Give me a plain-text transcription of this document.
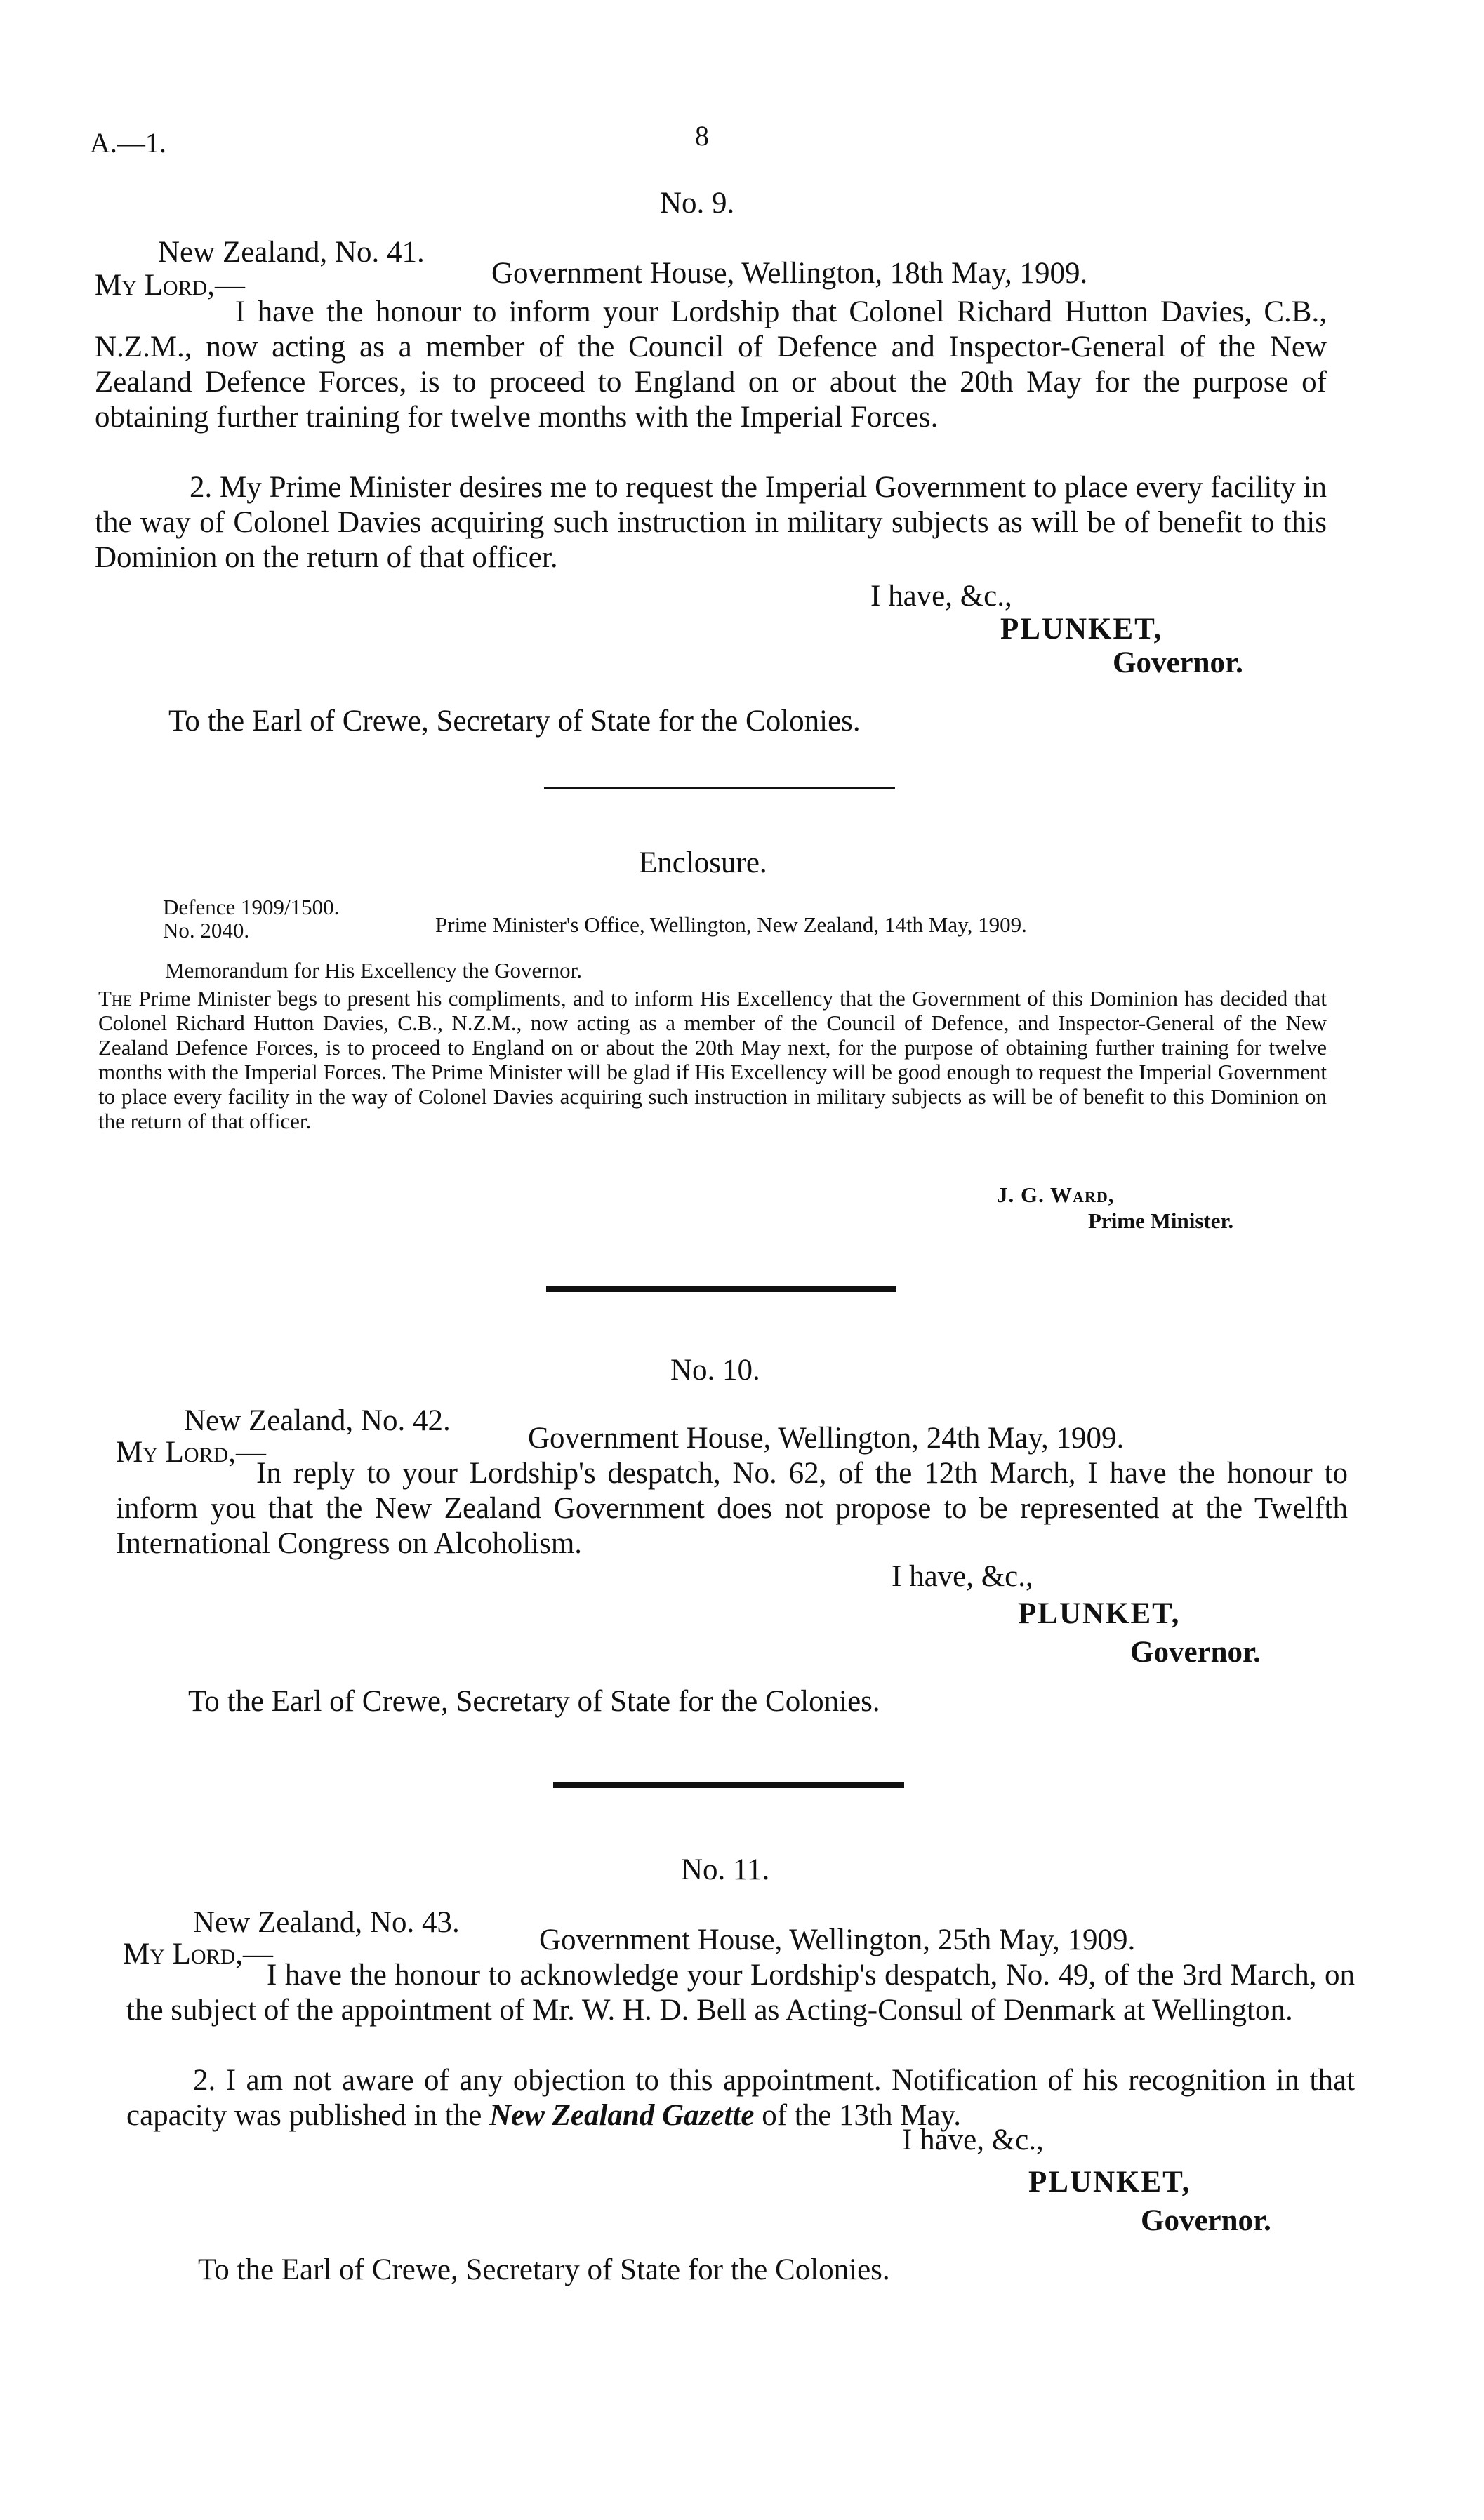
A.—1.	8
No. 9.
New Zealand, No. 41.
My Lord,—	Government House, Wellington, 18th May, 1909.
I have the honour to inform your Lordship that Colonel Richard Hutton Davies, C.B., N.Z.M., now acting as a member of the Council of Defence and Inspector-General of the New Zealand Defence Forces, is to proceed to England on or about the 20th May for the purpose of obtaining further training for twelve months with the Imperial Forces.
2. My Prime Minister desires me to request the Imperial Government to place every facility in the way of Colonel Davies acquiring such instruction in military subjects as will be of benefit to this Dominion on the return of that officer.
I have, &c.,
PLUNKET,
Governor.
To the Earl of Crewe, Secretary of State for the Colonies.
Enclosure.
Defence 1909/1500.
No. 2040.	Prime Minister's Office, Wellington, New Zealand, 14th May, 1909.
Memorandum for His Excellency the Governor.
The Prime Minister begs to present his compliments, and to inform His Excellency that the Government of this Dominion has decided that Colonel Richard Hutton Davies, C.B., N.Z.M., now acting as a member of the Council of Defence, and Inspector-General of the New Zealand Defence Forces, is to proceed to England on or about the 20th May next, for the purpose of obtaining further training for twelve months with the Imperial Forces. The Prime Minister will be glad if His Excellency will be good enough to request the Imperial Government to place every facility in the way of Colonel Davies acquiring such instruction in military subjects as will be of benefit to this Dominion on the return of that officer.
J. G. Ward,
Prime Minister.
No. 10.
New Zealand, No. 42.
My Lord,—	Government House, Wellington, 24th May, 1909.
In reply to your Lordship's despatch, No. 62, of the 12th March, I have the honour to inform you that the New Zealand Government does not propose to be represented at the Twelfth International Congress on Alcoholism.
I have, &c.,
PLUNKET,
Governor.
To the Earl of Crewe, Secretary of State for the Colonies.
No. 11.
New Zealand, No. 43.
My Lord,—	Government House, Wellington, 25th May, 1909.
I have the honour to acknowledge your Lordship's despatch, No. 49, of the 3rd March, on the subject of the appointment of Mr. W. H. D. Bell as Acting-Consul of Denmark at Wellington.
2. I am not aware of any objection to this appointment. Notification of his recognition in that capacity was published in the New Zealand Gazette of the 13th May.
I have, &c.,
PLUNKET,
Governor.
To the Earl of Crewe, Secretary of State for the Colonies.
